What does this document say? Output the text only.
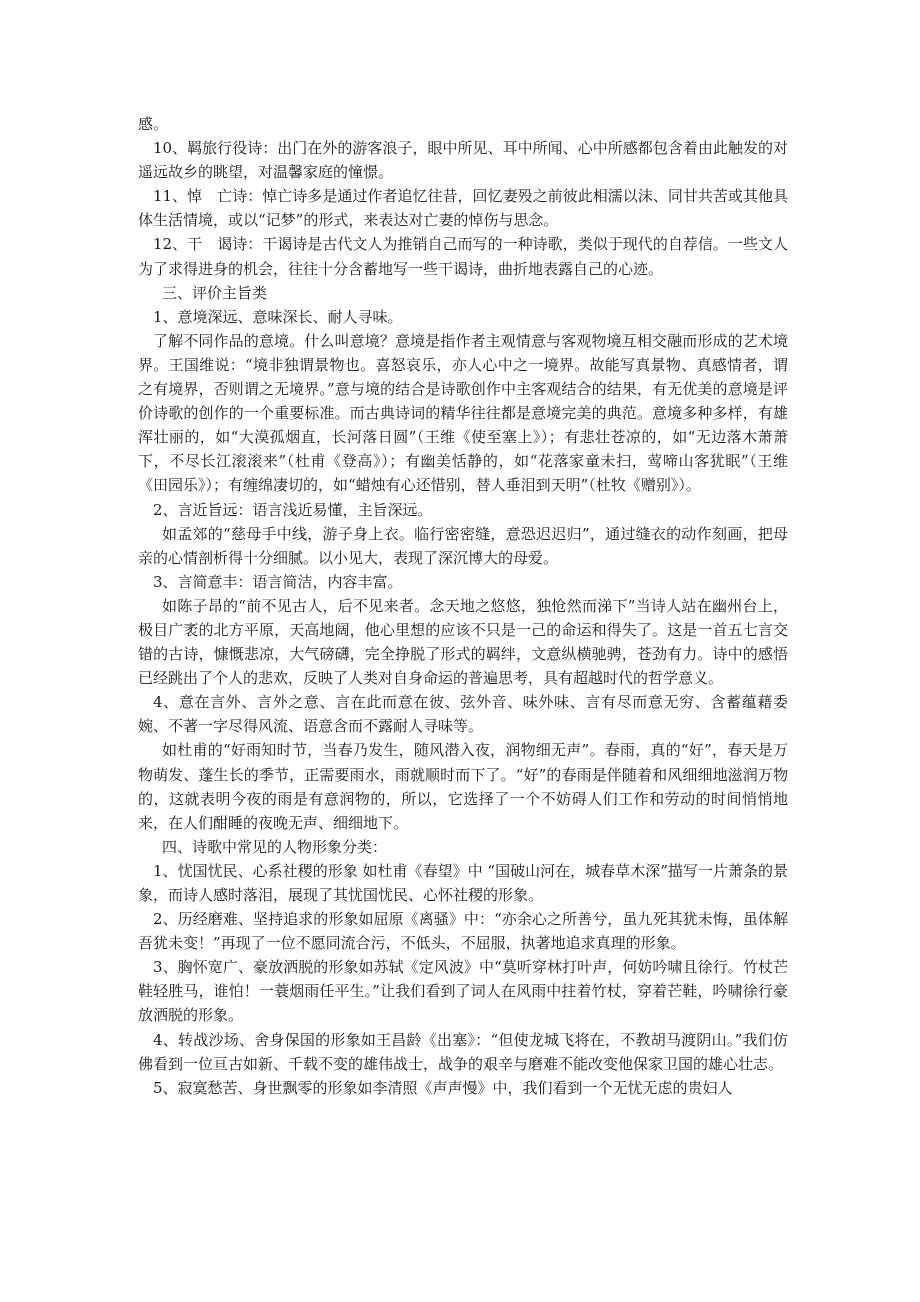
感。

10、羁旅行役诗：出门在外的游客浪子，眼中所见、耳中所闻、心中所感都包含着由此触发的对遥远故乡的眺望，对温馨家庭的憧憬。

11、悼　亡诗：悼亡诗多是通过作者追忆往昔，回忆妻殁之前彼此相濡以沫、同甘共苦或其他具体生活情境，或以“记梦”的形式，来表达对亡妻的悼伤与思念。

12、干　谒诗：干谒诗是古代文人为推销自己而写的一种诗歌，类似于现代的自荐信。一些文人为了求得进身的机会，往往十分含蓄地写一些干谒诗，曲折地表露自己的心迹。

三、评价主旨类

1、意境深远、意味深长、耐人寻味。

了解不同作品的意境。什么叫意境？意境是指作者主观情意与客观物境互相交融而形成的艺术境界。王国维说：“境非独谓景物也。喜怒哀乐，亦人心中之一境界。故能写真景物、真感情者，谓之有境界，否则谓之无境界。”意与境的结合是诗歌创作中主客观结合的结果，有无优美的意境是评价诗歌的创作的一个重要标准。而古典诗词的精华往往都是意境完美的典范。意境多种多样，有雄浑壮丽的，如“大漠孤烟直，长河落日圆”（王维《使至塞上》）；有悲壮苍凉的，如“无边落木萧萧下，不尽长江滚滚来”（杜甫《登高》）；有幽美恬静的，如“花落家童未扫，莺啼山客犹眠”（王维《田园乐》）；有缠绵凄切的，如“蜡烛有心还惜别，替人垂泪到天明”（杜牧《赠别》）。

2、言近旨远：语言浅近易懂，主旨深远。

如孟郊的“慈母手中线，游子身上衣。临行密密缝，意恐迟迟归”，通过缝衣的动作刻画，把母亲的心情剖析得十分细腻。以小见大，表现了深沉博大的母爱。

3、言简意丰：语言简洁，内容丰富。

如陈子昂的“前不见古人，后不见来者。念天地之悠悠，独怆然而涕下”当诗人站在幽州台上，极目广袤的北方平原，天高地阔，他心里想的应该不只是一己的命运和得失了。这是一首五七言交错的古诗，慷慨悲凉，大气磅礴，完全挣脱了形式的羁绊，文意纵横驰骋，苍劲有力。诗中的感悟已经跳出了个人的悲欢，反映了人类对自身命运的普遍思考，具有超越时代的哲学意义。

4、意在言外、言外之意、言在此而意在彼、弦外音、味外味、言有尽而意无穷、含蓄蕴藉委婉、不著一字尽得风流、语意含而不露耐人寻味等。

如杜甫的“好雨知时节，当春乃发生，随风潜入夜，润物细无声”。春雨，真的“好”，春天是万物萌发、蓬生长的季节，正需要雨水，雨就顺时而下了。“好”的春雨是伴随着和风细细地滋润万物的，这就表明今夜的雨是有意润物的，所以，它选择了一个不妨碍人们工作和劳动的时间悄悄地来，在人们酣睡的夜晚无声、细细地下。

四、诗歌中常见的人物形象分类：

1、忧国忧民、心系社稷的形象 如杜甫《春望》中 “国破山河在，城春草木深”描写一片萧条的景象，而诗人感时落泪，展现了其忧国忧民、心怀社稷的形象。

2、历经磨难、坚持追求的形象如屈原《离骚》中：“亦余心之所善兮，虽九死其犹未悔，虽体解吾犹未变！”再现了一位不愿同流合污，不低头，不屈服，执著地追求真理的形象。

3、胸怀宽广、豪放洒脱的形象如苏轼《定风波》中“莫听穿林打叶声，何妨吟啸且徐行。竹杖芒鞋轻胜马，谁怕！一蓑烟雨任平生。”让我们看到了词人在风雨中拄着竹杖，穿着芒鞋，吟啸徐行豪放洒脱的形象。

4、转战沙场、舍身保国的形象如王昌龄《出塞》：“但使龙城飞将在，不教胡马渡阴山。”我们仿佛看到一位亘古如新、千载不变的雄伟战士，战争的艰辛与磨难不能改变他保家卫国的雄心壮志。

5、寂寞愁苦、身世飘零的形象如李清照《声声慢》中，我们看到一个无忧无虑的贵妇人
